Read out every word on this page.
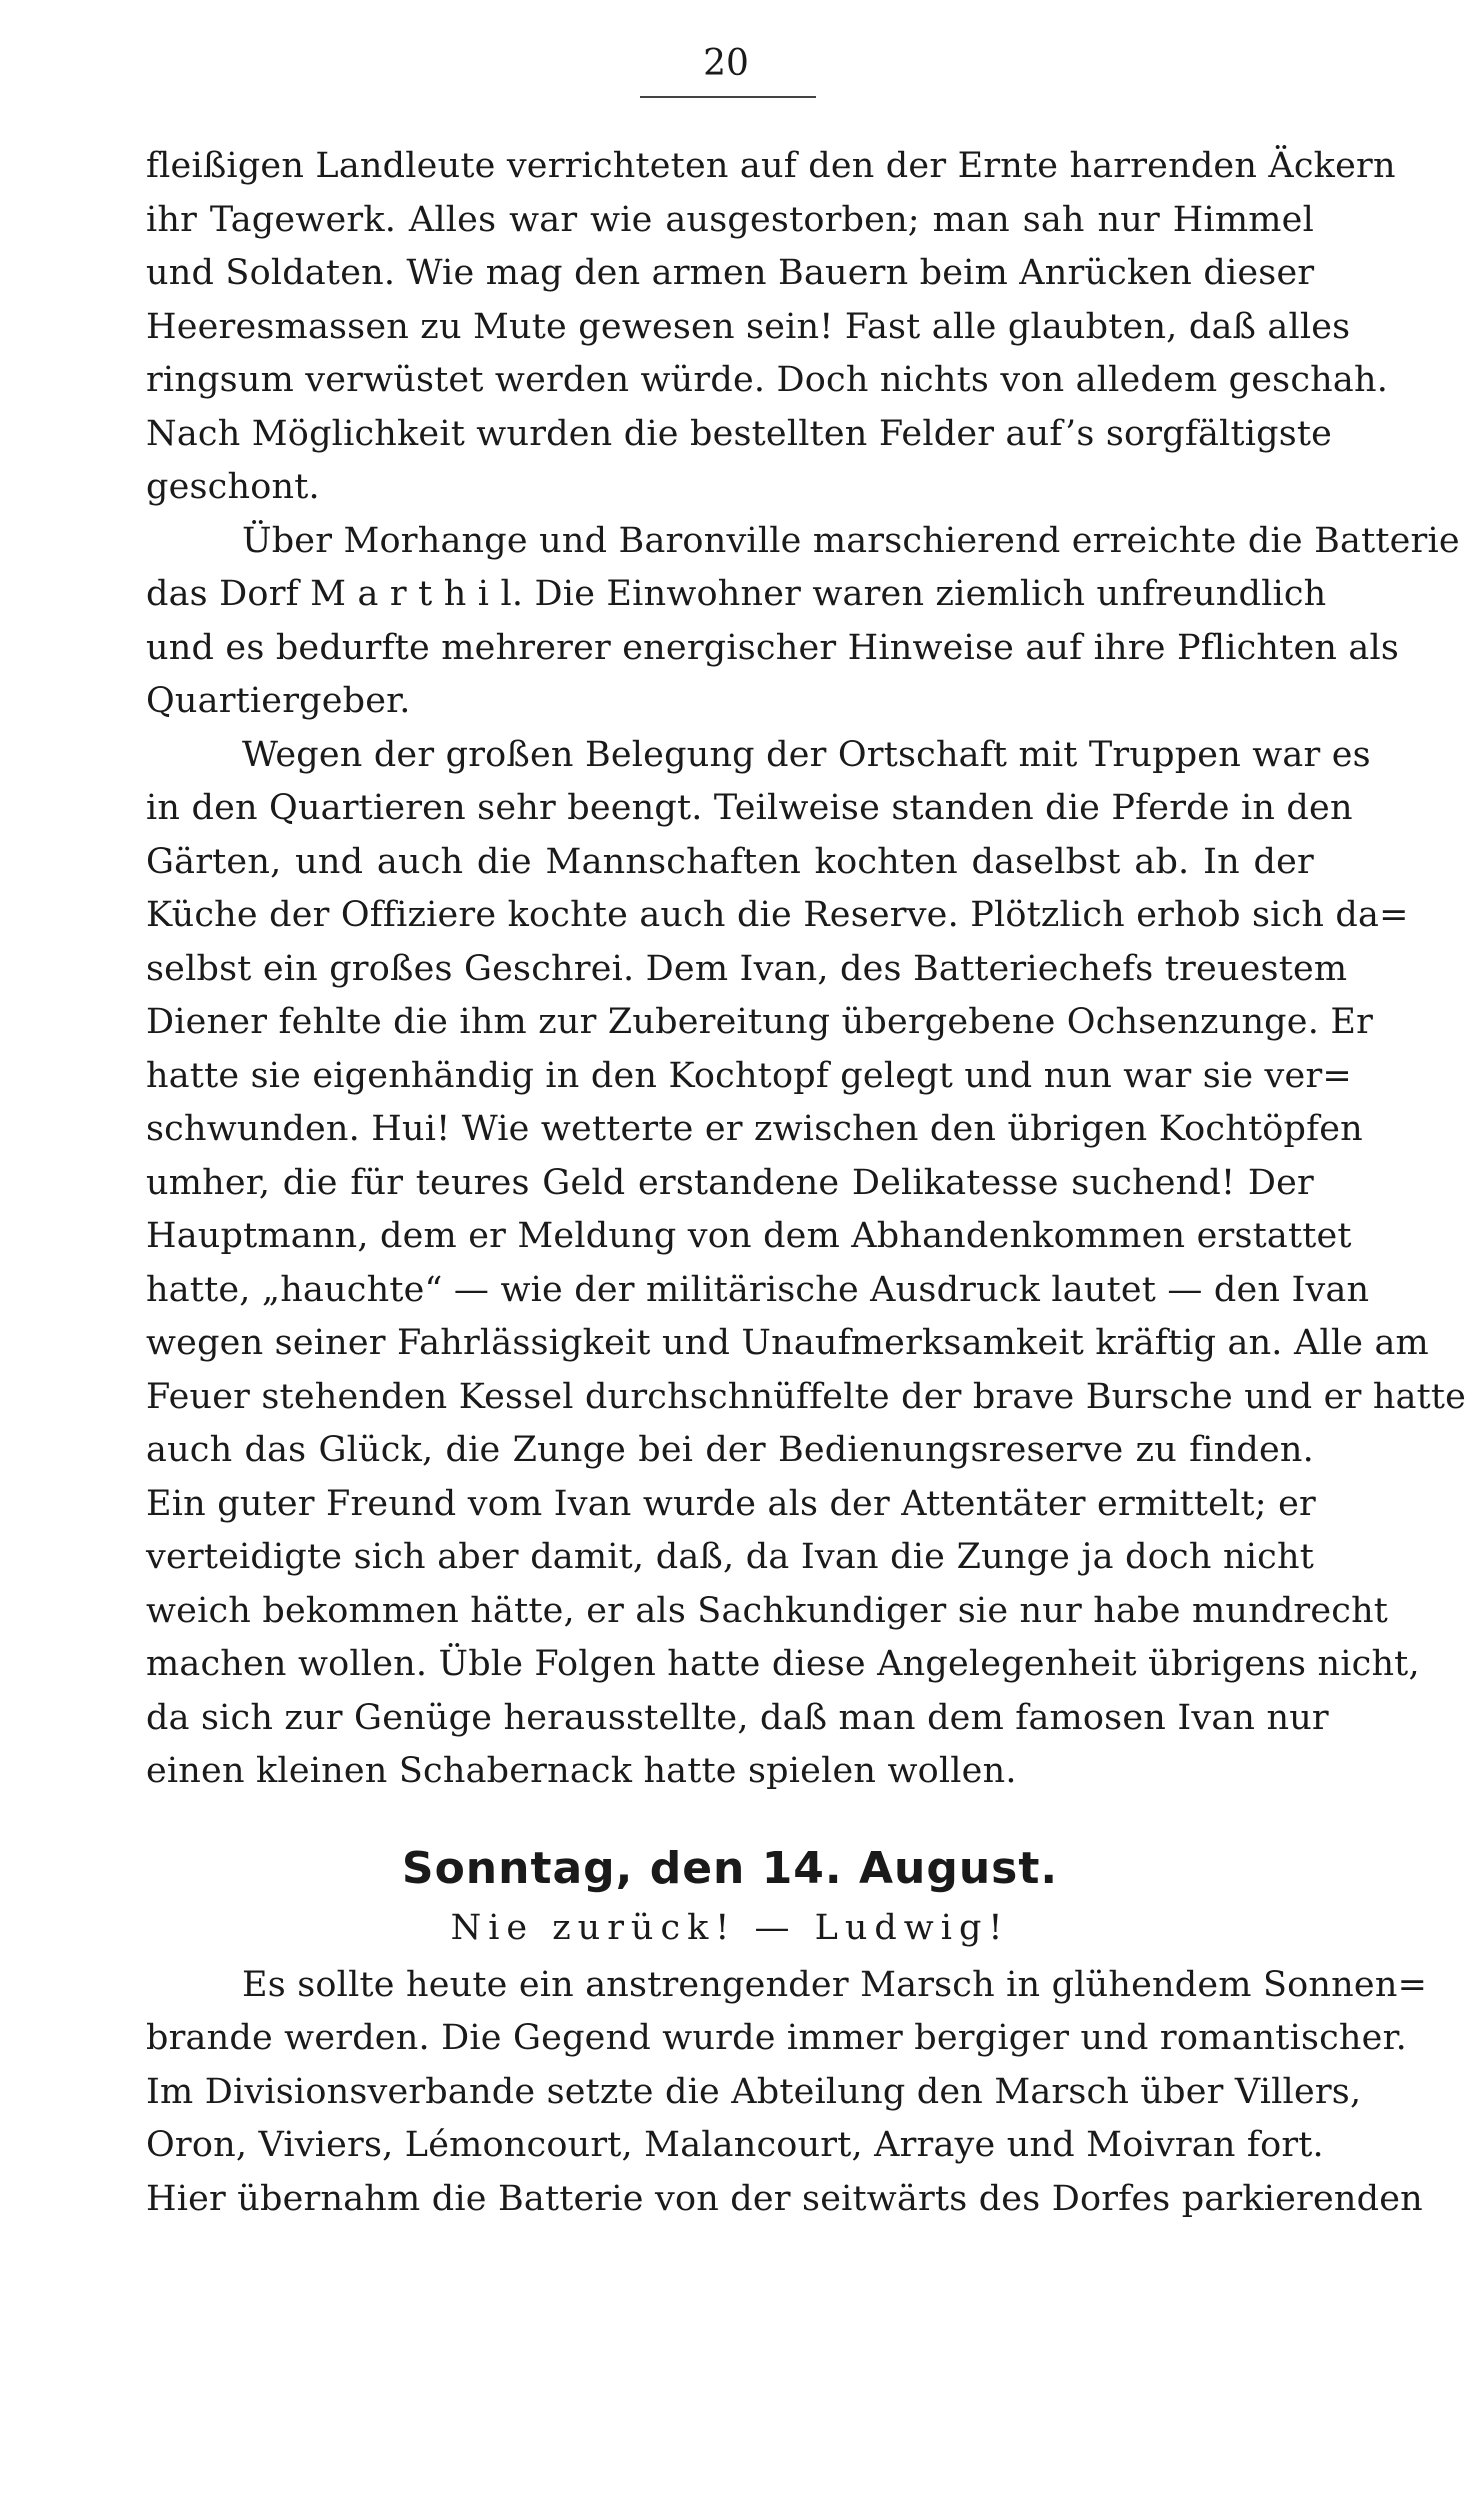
20
fleißigen Landleute verrichteten auf den der Ernte harrenden Äckern
ihr Tagewerk. Alles war wie ausgestorben; man sah nur Himmel
und Soldaten. Wie mag den armen Bauern beim Anrücken dieser
Heeresmassen zu Mute gewesen sein! Fast alle glaubten, daß alles
ringsum verwüstet werden würde. Doch nichts von alledem geschah.
Nach Möglichkeit wurden die bestellten Felder auf’s sorgfältigste
geschont.
Über Morhange und Baronville marschierend erreichte die Batterie
das Dorf M a r t h i l. Die Einwohner waren ziemlich unfreundlich
und es bedurfte mehrerer energischer Hinweise auf ihre Pflichten als
Quartiergeber.
Wegen der großen Belegung der Ortschaft mit Truppen war es
in den Quartieren sehr beengt. Teilweise standen die Pferde in den
Gärten, und auch die Mannschaften kochten daselbst ab. In der
Küche der Offiziere kochte auch die Reserve. Plötzlich erhob sich da=
selbst ein großes Geschrei. Dem Ivan, des Batteriechefs treuestem
Diener fehlte die ihm zur Zubereitung übergebene Ochsenzunge. Er
hatte sie eigenhändig in den Kochtopf gelegt und nun war sie ver=
schwunden. Hui! Wie wetterte er zwischen den übrigen Kochtöpfen
umher, die für teures Geld erstandene Delikatesse suchend! Der
Hauptmann, dem er Meldung von dem Abhandenkommen erstattet
hatte, „hauchte“ — wie der militärische Ausdruck lautet — den Ivan
wegen seiner Fahrlässigkeit und Unaufmerksamkeit kräftig an. Alle am
Feuer stehenden Kessel durchschnüffelte der brave Bursche und er hatte
auch das Glück, die Zunge bei der Bedienungsreserve zu finden.
Ein guter Freund vom Ivan wurde als der Attentäter ermittelt; er
verteidigte sich aber damit, daß, da Ivan die Zunge ja doch nicht
weich bekommen hätte, er als Sachkundiger sie nur habe mundrecht
machen wollen. Üble Folgen hatte diese Angelegenheit übrigens nicht,
da sich zur Genüge herausstellte, daß man dem famosen Ivan nur
einen kleinen Schabernack hatte spielen wollen.
Sonntag, den 14. August.
Nie zurück! — Ludwig!
Es sollte heute ein anstrengender Marsch in glühendem Sonnen=
brande werden. Die Gegend wurde immer bergiger und romantischer.
Im Divisionsverbande setzte die Abteilung den Marsch über Villers,
Oron, Viviers, Lémoncourt, Malancourt, Arraye und Moivran fort.
Hier übernahm die Batterie von der seitwärts des Dorfes parkierenden
